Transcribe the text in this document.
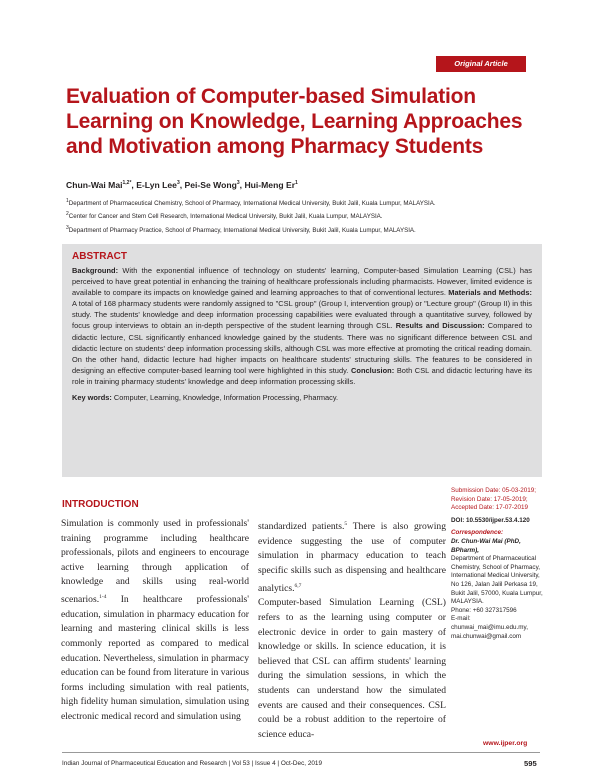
Original Article
Evaluation of Computer-based Simulation Learning on Knowledge, Learning Approaches and Motivation among Pharmacy Students
Chun-Wai Mai$^{1,2*}$, E-Lyn Lee$^3$, Pei-Se Wong$^3$, Hui-Meng Er$^1$
$^1$Department of Pharmaceutical Chemistry, School of Pharmacy, International Medical University, Bukit Jalil, Kuala Lumpur, MALAYSIA.
$^2$Center for Cancer and Stem Cell Research, International Medical University, Bukit Jalil, Kuala Lumpur, MALAYSIA.
$^3$Department of Pharmacy Practice, School of Pharmacy, International Medical University, Bukit Jalil, Kuala Lumpur, MALAYSIA.
ABSTRACT
Background: With the exponential influence of technology on students' learning, Computer-based Simulation Learning (CSL) has perceived to have great potential in enhancing the training of healthcare professionals including pharmacists. However, limited evidence is available to compare its impacts on knowledge gained and learning approaches to that of conventional lectures. Materials and Methods: A total of 168 pharmacy students were randomly assigned to "CSL group" (Group I, intervention group) or "Lecture group" (Group II) in this study. The students' knowledge and deep information processing capabilities were evaluated through a quantitative survey, followed by focus group interviews to obtain an in-depth perspective of the student learning through CSL. Results and Discussion: Compared to didactic lecture, CSL significantly enhanced knowledge gained by the students. There was no significant difference between CSL and didactic lecture on students' deep information processing skills, although CSL was more effective at promoting the critical reading domain. On the other hand, didactic lecture had higher impacts on healthcare students' structuring skills. The features to be considered in designing an effective computer-based learning tool were highlighted in this study. Conclusion: Both CSL and didactic lecturing have its role in training pharmacy students' knowledge and deep information processing skills.
Key words: Computer, Learning, Knowledge, Information Processing, Pharmacy.
Submission Date: 05-03-2019;
Revision Date: 17-05-2019;
Accepted Date: 17-07-2019
DOI: 10.5530/ijper.53.4.120
Correspondence:
Dr. Chun-Wai Mai (PhD, BPharm),
Department of Pharmaceutical Chemistry, School of Pharmacy, International Medical University, No 126, Jalan Jalil Perkasa 19, Bukit Jalil, 57000, Kuala Lumpur, MALAYSIA.
Phone: +60 327317596
E-mail: chunwai_mai@imu.edu.my, mai.chunwai@gmail.com
INTRODUCTION

Simulation is commonly used in professionals' training programme including healthcare professionals, pilots and engineers to encourage active learning through application of knowledge and skills using real-world scenarios.$^{1-4}$ In healthcare professionals' education, simulation in pharmacy education for learning and mastering clinical skills is less commonly reported as compared to medical education. Nevertheless, simulation in pharmacy education can be found from literature in various forms including simulation with real patients, high fidelity human simulation, simulation using electronic medical record and simulation using

standardized patients.$^5$ There is also growing evidence suggesting the use of computer simulation in pharmacy education to teach specific skills such as dispensing and healthcare analytics.$^{6,7}$

Computer-based Simulation Learning (CSL) refers to as the learning using computer or electronic device in order to gain mastery of knowledge or skills. In science education, it is believed that CSL can affirm students' learning during the simulation sessions, in which the students can understand how the simulated events are caused and their consequences. CSL could be a robust addition to the repertoire of science educa-

www.ijper.org
Indian Journal of Pharmaceutical Education and Research | Vol 53 | Issue 4 | Oct-Dec, 2019	595
